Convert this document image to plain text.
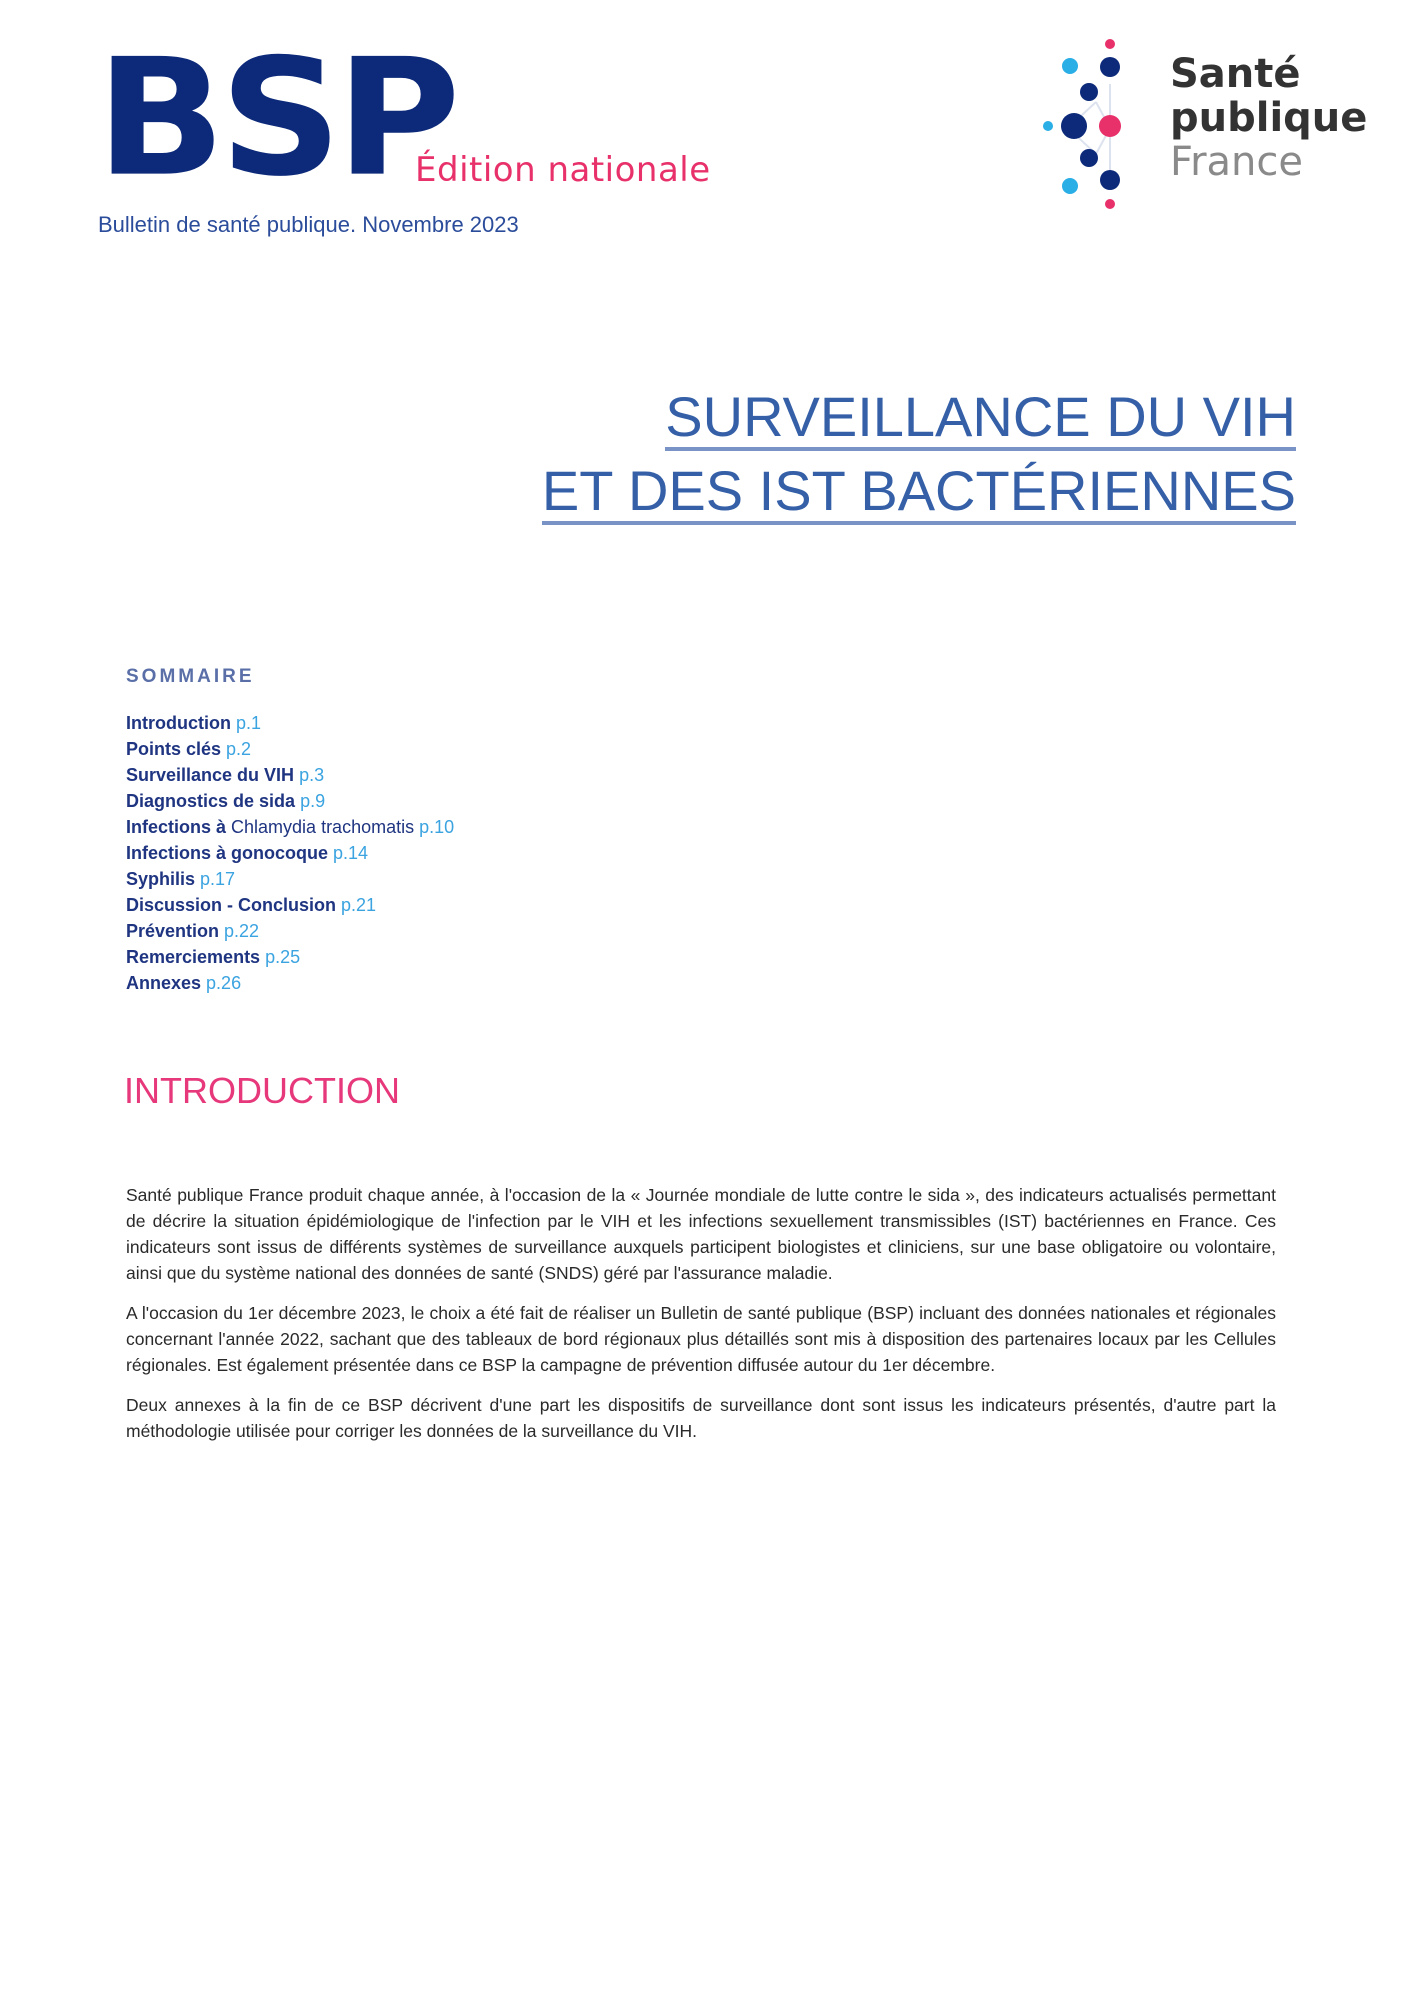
BSP
Édition nationale
Bulletin de santé publique. Novembre 2023
Santé
publique
France
SURVEILLANCE DU VIH
ET DES IST BACTÉRIENNES
SOMMAIRE
Introduction p.1
Points clés p.2
Surveillance du VIH p.3
Diagnostics de sida p.9
Infections à Chlamydia trachomatis p.10
Infections à gonocoque p.14
Syphilis p.17
Discussion - Conclusion p.21
Prévention p.22
Remerciements p.25
Annexes p.26
INTRODUCTION

Santé publique France produit chaque année, à l'occasion de la « Journée mondiale de lutte contre le sida », des indicateurs actualisés permettant de décrire la situation épidémiologique de l'infection par le VIH et les infections sexuellement transmissibles (IST) bactériennes en France. Ces indicateurs sont issus de différents systèmes de surveillance auxquels participent biologistes et cliniciens, sur une base obligatoire ou volontaire, ainsi que du système national des données de santé (SNDS) géré par l'assurance maladie.

A l'occasion du 1er décembre 2023, le choix a été fait de réaliser un Bulletin de santé publique (BSP) incluant des données nationales et régionales concernant l'année 2022, sachant que des tableaux de bord régionaux plus détaillés sont mis à disposition des partenaires locaux par les Cellules régionales. Est également présentée dans ce BSP la campagne de prévention diffusée autour du 1er décembre.

Deux annexes à la fin de ce BSP décrivent d'une part les dispositifs de surveillance dont sont issus les indicateurs présentés, d'autre part la méthodologie utilisée pour corriger les données de la surveillance du VIH.
